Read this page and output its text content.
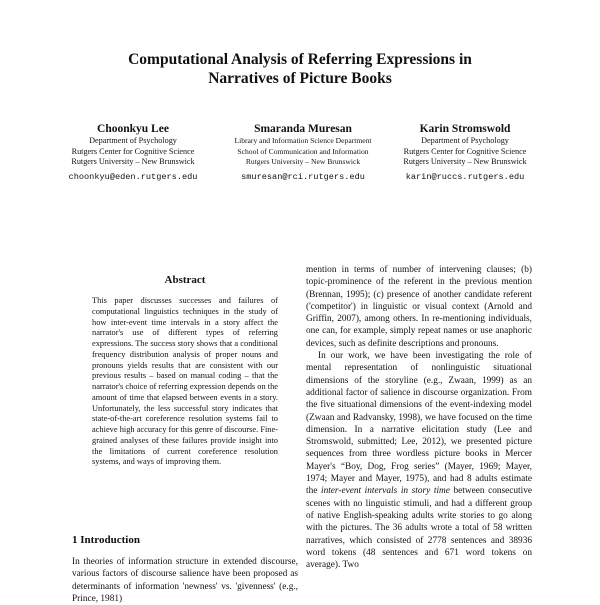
Computational Analysis of Referring Expressions in
Narratives of Picture Books
Choonkyu Lee
Department of Psychology
Rutgers Center for Cognitive Science
Rutgers University – New Brunswick
choonkyu@eden.rutgers.edu
Smaranda Muresan
Library and Information Science Department
School of Communication and Information
Rutgers University – New Brunswick
smuresan@rci.rutgers.edu
Karin Stromswold
Department of Psychology
Rutgers Center for Cognitive Science
Rutgers University – New Brunswick
karin@ruccs.rutgers.edu
Abstract
This paper discusses successes and failures of computational linguistics techniques in the study of how inter-event time intervals in a story affect the narrator's use of different types of referring expressions. The success story shows that a conditional frequency distribution analysis of proper nouns and pronouns yields results that are consistent with our previous results – based on manual coding – that the narrator's choice of referring expression depends on the amount of time that elapsed between events in a story. Unfortunately, the less successful story indicates that state-of-the-art coreference resolution systems fail to achieve high accuracy for this genre of discourse. Fine-grained analyses of these failures provide insight into the limitations of current coreference resolution systems, and ways of improving them.
1 Introduction
In theories of information structure in extended discourse, various factors of discourse salience have been proposed as determinants of information 'newness' vs. 'givenness' (e.g., Prince, 1981)

mention in terms of number of intervening clauses; (b) topic-prominence of the referent in the previous mention (Brennan, 1995); (c) presence of another candidate referent ('competitor') in linguistic or visual context (Arnold and Griffin, 2007), among others. In re-mentioning individuals, one can, for example, simply repeat names or use anaphoric devices, such as definite descriptions and pronouns.

In our work, we have been investigating the role of mental representation of nonlinguistic situational dimensions of the storyline (e.g., Zwaan, 1999) as an additional factor of salience in discourse organization. From the five situational dimensions of the event-indexing model (Zwaan and Radvansky, 1998), we have focused on the time dimension. In a narrative elicitation study (Lee and Stromswold, submitted; Lee, 2012), we presented picture sequences from three wordless picture books in Mercer Mayer's “Boy, Dog, Frog series” (Mayer, 1969; Mayer, 1974; Mayer and Mayer, 1975), and had 8 adults estimate the inter-event intervals in story time between consecutive scenes with no linguistic stimuli, and had a different group of native English-speaking adults write stories to go along with the pictures. The 36 adults wrote a total of 58 written narratives, which consisted of 2778 sentences and 38936 word tokens (48 sentences and 671 word tokens on average). Two
